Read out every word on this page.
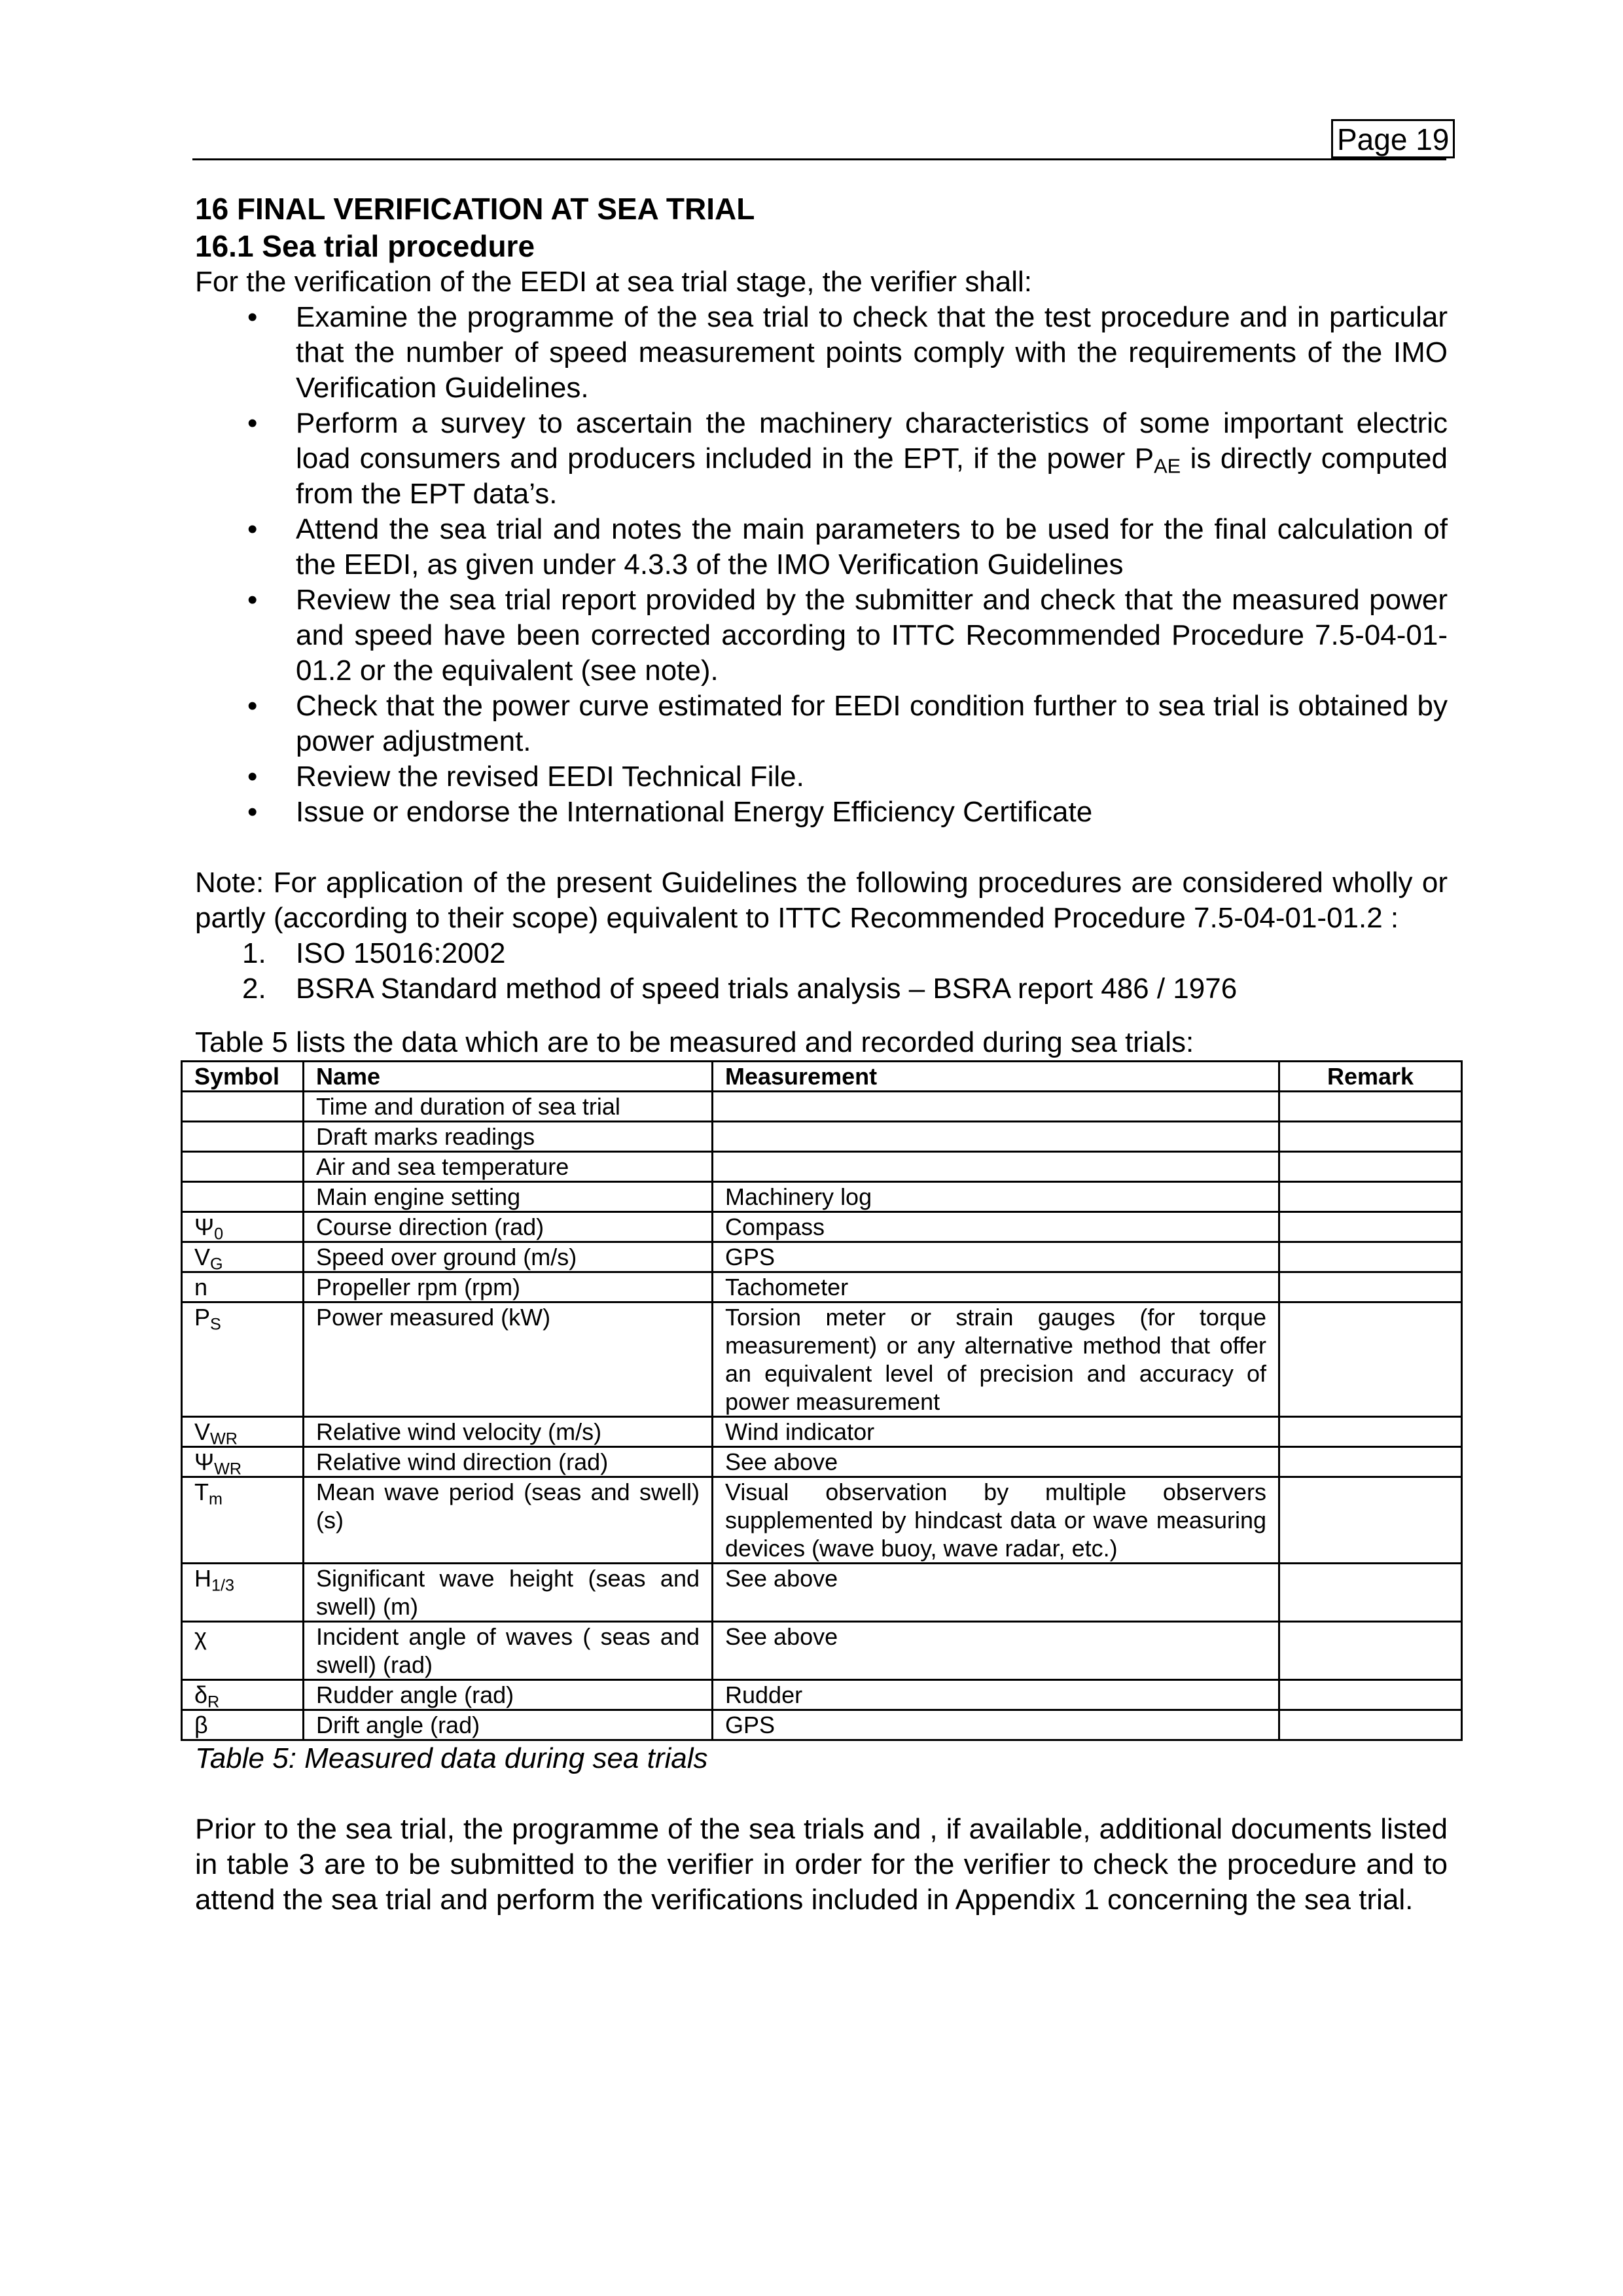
Page 19
16 FINAL VERIFICATION AT SEA TRIAL
16.1 Sea trial procedure

For the verification of the EEDI at sea trial stage, the verifier shall:

• Examine the programme of the sea trial to check that the test procedure and in particular that the number of speed measurement points comply with the requirements of the IMO Verification Guidelines.
• Perform a survey to ascertain the machinery characteristics of some important electric load consumers and producers included in the EPT, if the power $P_{AE}$ is directly computed from the EPT data’s.
• Attend the sea trial and notes the main parameters to be used for the final calculation of the EEDI, as given under 4.3.3 of the IMO Verification Guidelines
• Review the sea trial report provided by the submitter and check that the measured power and speed have been corrected according to ITTC Recommended Procedure 7.5-04-01-01.2 or the equivalent (see note).
• Check that the power curve estimated for EEDI condition further to sea trial is obtained by power adjustment.
• Review the revised EEDI Technical File.
• Issue or endorse the International Energy Efficiency Certificate

Note: For application of the present Guidelines the following procedures are considered wholly or partly (according to their scope) equivalent to ITTC Recommended Procedure 7.5-04-01-01.2 :

1. ISO 15016:2002
2. BSRA Standard method of speed trials analysis – BSRA report 486 / 1976

Table 5 lists the data which are to be measured and recorded during sea trials:

Symbol	Name	Measurement	Remark
	Time and duration of sea trial		
	Draft marks readings		
	Air and sea temperature		
	Main engine setting	Machinery log	
$\Psi_0$	Course direction (rad)	Compass	
$V_G$	Speed over ground (m/s)	GPS	
n	Propeller rpm (rpm)	Tachometer	
$P_S$	Power measured (kW)	Torsion meter or strain gauges (for torque measurement) or any alternative method that offer an equivalent level of precision and accuracy of power measurement	
$V_{WR}$	Relative wind velocity (m/s)	Wind indicator	
$\Psi_{WR}$	Relative wind direction (rad)	See above	
$T_m$	Mean wave period (seas and swell) (s)	Visual observation by multiple observers supplemented by hindcast data or wave measuring devices (wave buoy, wave radar, etc.)	
$H_{1/3}$	Significant wave height (seas and swell) (m)	See above	
χ	Incident angle of waves ( seas and swell) (rad)	See above	
$\delta_R$	Rudder angle (rad)	Rudder	
β	Drift angle (rad)	GPS	

Table 5: Measured data during sea trials

Prior to the sea trial, the programme of the sea trials and , if available, additional documents listed in table 3 are to be submitted to the verifier in order for the verifier to check the procedure and to attend the sea trial and perform the verifications included in Appendix 1 concerning the sea trial.
